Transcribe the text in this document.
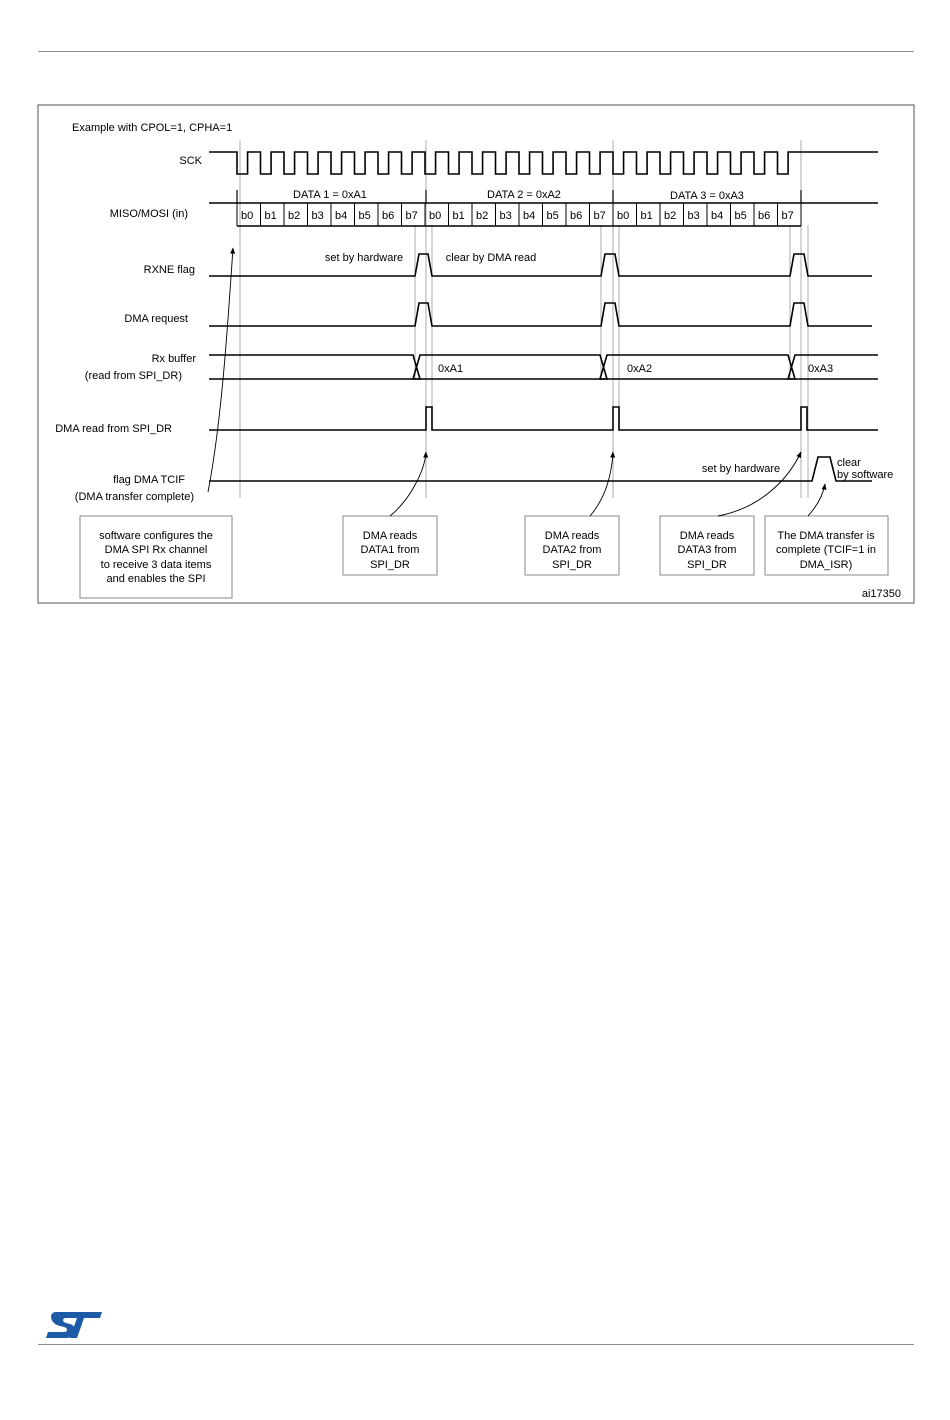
Example with CPOL=1, CPHA=1
SCK
MISO/MOSI (in)
RXNE flag
DMA request
Rx buffer
(read from SPI_DR)
DMA read from SPI_DR
flag DMA TCIF
(DMA transfer complete)
DATA 1 = 0xA1	DATA 2 = 0xA2	DATA 3 = 0xA3
set by hardware	clear by DMA read
set by hardware	clear
by software
0xA1	0xA2	0xA3
b0 b1 b2 b3 b4 b5 b6 b7 b0 b1 b2 b3 b4 b5 b6 b7 b0 b1 b2 b3 b4 b5 b6 b7
software configures the
DMA SPI Rx channel
to receive 3 data items
and enables the SPI
DMA reads
DATA1 from
SPI_DR
DMA reads
DATA2 from
SPI_DR
DMA reads
DATA3 from
SPI_DR
The DMA transfer is
complete (TCIF=1 in
DMA_ISR)
ai17350
